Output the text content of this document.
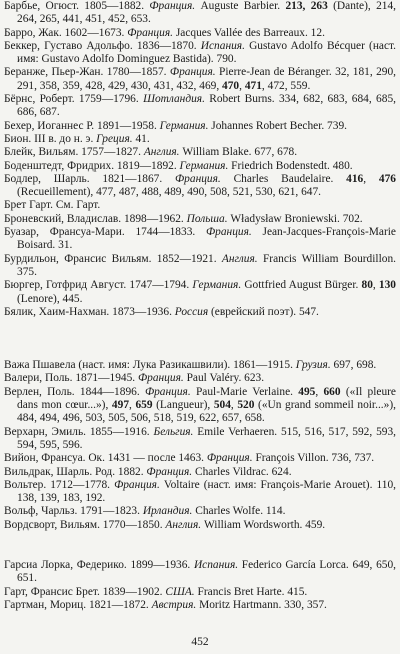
Барбье, Огюст. 1805—1882. Франция. Auguste Barbier. 213, 263 (Dante), 214, 264, 265, 441, 451, 452, 653.

Барро, Жак. 1602—1673. Франция. Jacques Vallée des Barreaux. 12.

Беккер, Густаво Адольфо. 1836—1870. Испания. Gustavo Adolfo Bécquer (наст. имя: Gustavo Adolfo Dominguez Bastida). 790.

Беранже, Пьер-Жан. 1780—1857. Франция. Pierre-Jean de Béranger. 32, 181, 290, 291, 358, 359, 428, 429, 430, 431, 432, 469, 470, 471, 472, 559.

Бёрнс, Роберт. 1759—1796. Шотландия. Robert Burns. 334, 682, 683, 684, 685, 686, 687.

Бехер, Иоганнес Р. 1891—1958. Германия. Johannes Robert Becher. 739.

Бион. III в. до н. э. Греция. 41.

Блейк, Вильям. 1757—1827. Англия. William Blake. 677, 678.

Боденштедт, Фридрих. 1819—1892. Германия. Friedrich Bodenstedt. 480.

Бодлер, Шарль. 1821—1867. Франция. Charles Baudelaire. 416, 476 (Recueillement), 477, 487, 488, 489, 490, 508, 521, 530, 621, 647.

Брет Гарт. См. Гарт.

Броневский, Владислав. 1898—1962. Польша. Władysław Broniewski. 702.

Буазар, Франсуа-Мари. 1744—1833. Франция. Jean-Jacques-François-Marie Boisard. 31.

Бурдильон, Франсис Вильям. 1852—1921. Англия. Francis William Bourdillon. 375.

Бюргер, Готфрид Август. 1747—1794. Германия. Gottfried August Bürger. 80, 130 (Lenore), 445.

Бялик, Хаим-Нахман. 1873—1936. Россия (еврейский поэт). 547.

Важа Пшавела (наст. имя: Лука Разикашвили). 1861—1915. Грузия. 697, 698.

Валери, Поль. 1871—1945. Франция. Paul Valéry. 623.

Верлен, Поль. 1844—1896. Франция. Paul-Marie Verlaine. 495, 660 («Il pleure dans mon cœur...»), 497, 659 (Langueur), 504, 520 («Un grand sommeil noir...»), 484, 494, 496, 503, 505, 506, 518, 519, 622, 657, 658.

Верхарн, Эмиль. 1855—1916. Бельгия. Emile Verhaeren. 515, 516, 517, 592, 593, 594, 595, 596.

Вийон, Франсуа. Ок. 1431 — после 1463. Франция. François Villon. 736, 737.

Вильдрак, Шарль. Род. 1882. Франция. Charles Vildrac. 624.

Вольтер. 1712—1778. Франция. Voltaire (наст. имя: François-Marie Arouet). 110, 138, 139, 183, 192.

Вольф, Чарльз. 1791—1823. Ирландия. Charles Wolfe. 114.

Вордсворт, Вильям. 1770—1850. Англия. William Wordsworth. 459.

Гарсиа Лорка, Федерико. 1899—1936. Испания. Federico García Lorca. 649, 650, 651.

Гарт, Франсис Брет. 1839—1902. США. Francis Bret Harte. 415.

Гартман, Мориц. 1821—1872. Австрия. Moritz Hartmann. 330, 357.

452
